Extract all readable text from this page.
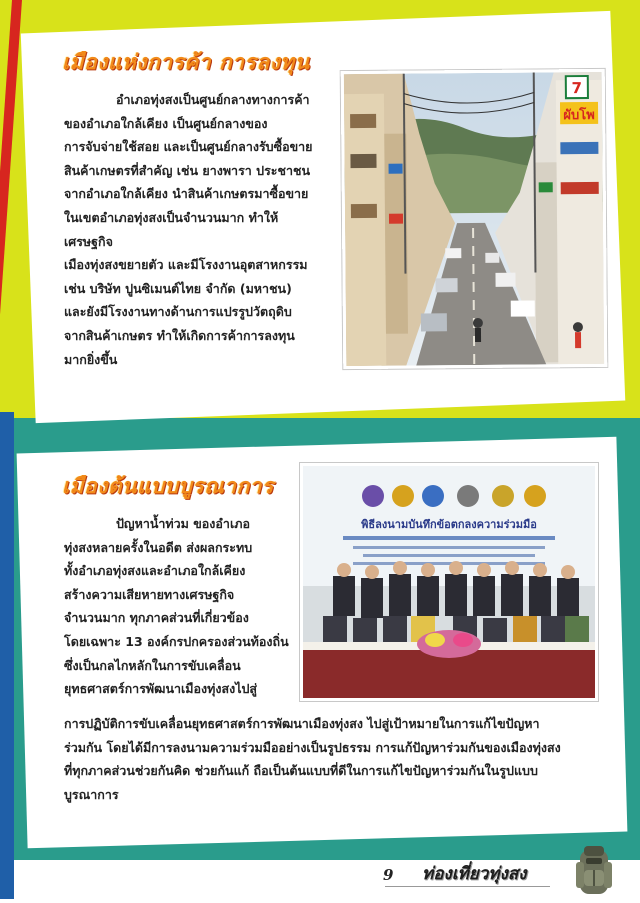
เมืองแห่งการค้า การลงทุน
อำเภอทุ่งสงเป็นศูนย์กลางทางการค้า
ของอำเภอใกล้เคียง เป็นศูนย์กลางของ
การจับจ่ายใช้สอย และเป็นศูนย์กลางรับซื้อขาย
สินค้าเกษตรที่สำคัญ เช่น ยางพารา ประชาชน
จากอำเภอใกล้เคียง นำสินค้าเกษตรมาซื้อขาย
ในเขตอำเภอทุ่งสงเป็นจำนวนมาก ทำให้เศรษฐกิจ
เมืองทุ่งสงขยายตัว และมีโรงงานอุตสาหกรรม
เช่น บริษัท ปูนซิเมนต์ไทย จำกัด (มหาชน)
และยังมีโรงงานทางด้านการแปรรูปวัตถุดิบ
จากสินค้าเกษตร ทำให้เกิดการค้าการลงทุน
มากยิ่งขึ้น
ผับโพ
7
เมืองต้นแบบบูรณาการ
พิธีลงนามบันทึกข้อตกลงความร่วมมือ
ปัญหาน้ำท่วม ของอำเภอ
ทุ่งสงหลายครั้งในอดีต ส่งผลกระทบ
ทั้งอำเภอทุ่งสงและอำเภอใกล้เคียง
สร้างความเสียหายทางเศรษฐกิจ
จำนวนมาก ทุกภาคส่วนที่เกี่ยวข้อง
โดยเฉพาะ 13 องค์กรปกครองส่วนท้องถิ่น
ซึ่งเป็นกลไกหลักในการขับเคลื่อน
ยุทธศาสตร์การพัฒนาเมืองทุ่งสงไปสู่
การปฏิบัติการขับเคลื่อนยุทธศาสตร์การพัฒนาเมืองทุ่งสง ไปสู่เป้าหมายในการแก้ไขปัญหา
ร่วมกัน โดยได้มีการลงนามความร่วมมืออย่างเป็นรูปธรรม การแก้ปัญหาร่วมกันของเมืองทุ่งสง
ที่ทุกภาคส่วนช่วยกันคิด ช่วยกันแก้ ถือเป็นต้นแบบที่ดีในการแก้ไขปัญหาร่วมกันในรูปแบบ
บูรณาการ
9 ท่องเที่ยวทุ่งสง
